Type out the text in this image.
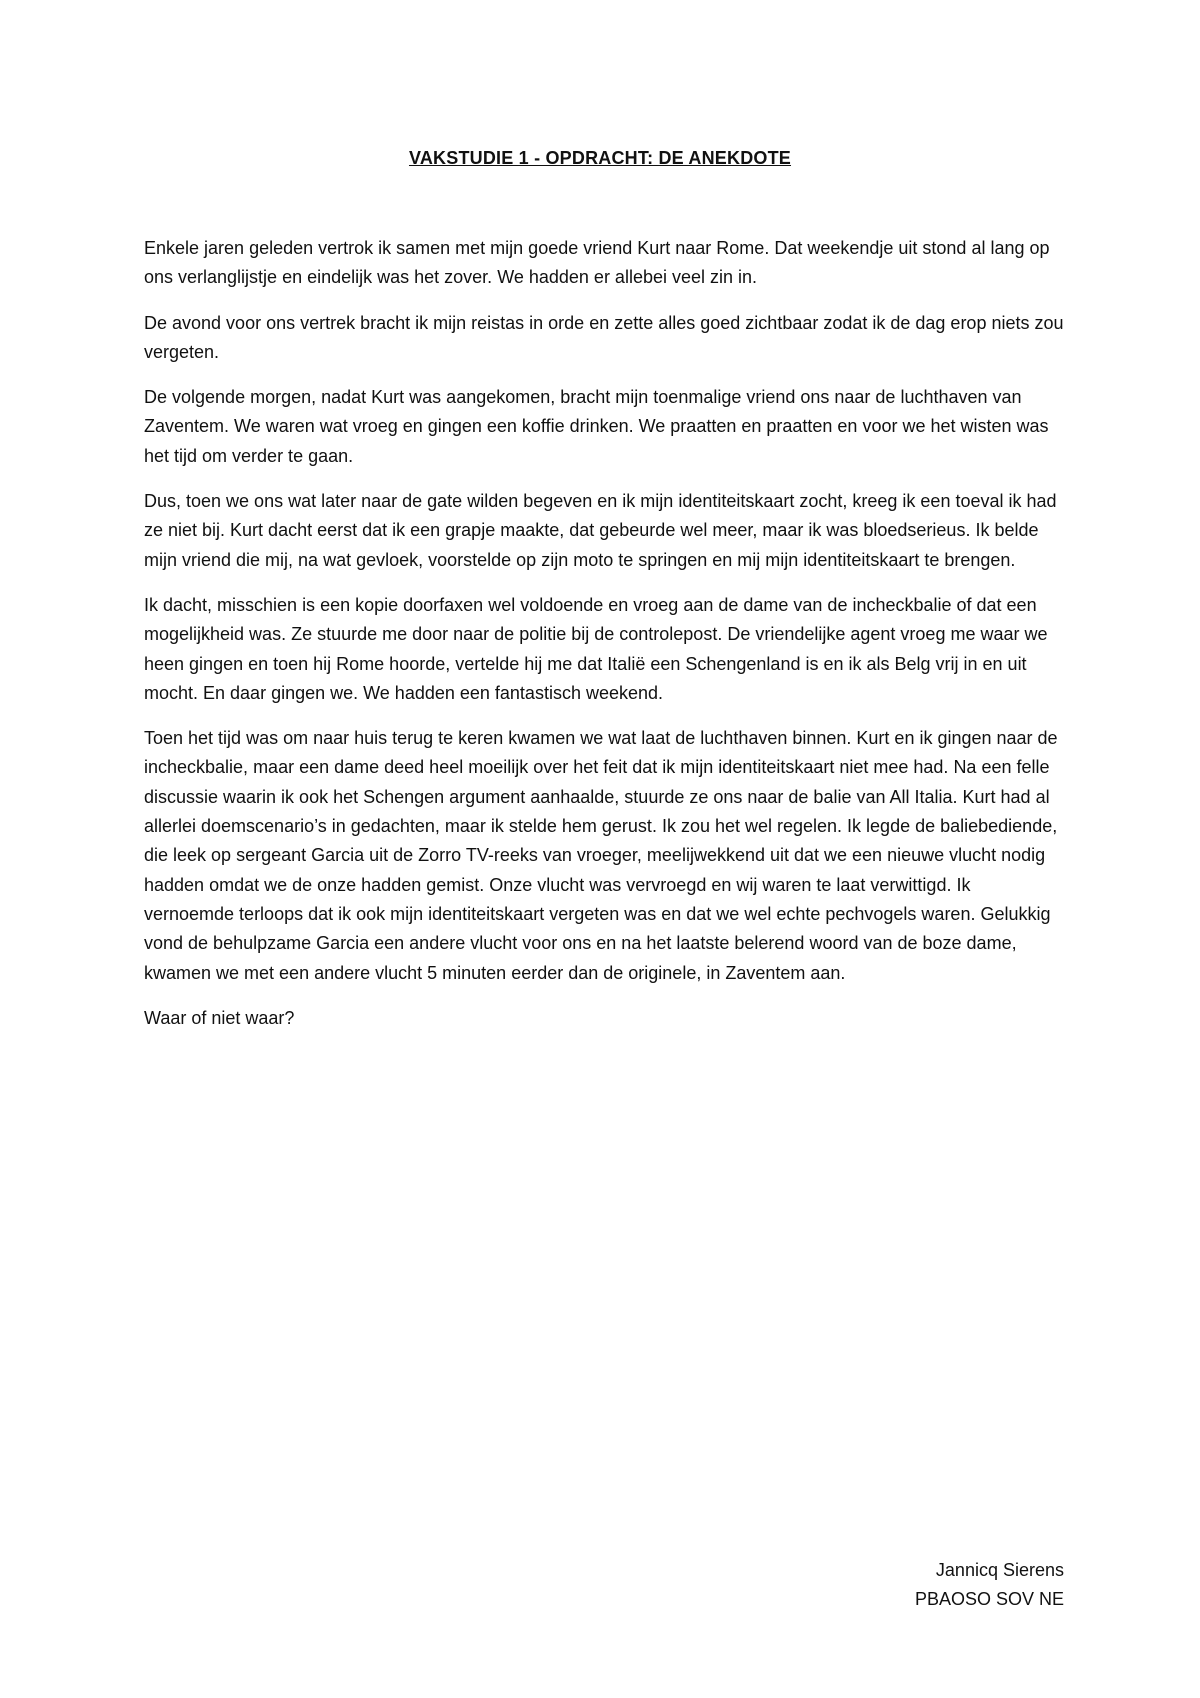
VAKSTUDIE 1 - OPDRACHT: DE ANEKDOTE

Enkele jaren geleden vertrok ik samen met mijn goede vriend Kurt naar Rome. Dat weekendje uit stond al lang op ons verlanglijstje en eindelijk was het zover. We hadden er allebei veel zin in.

De avond voor ons vertrek bracht ik mijn reistas in orde en zette alles goed zichtbaar zodat ik de dag erop niets zou vergeten.

De volgende morgen, nadat Kurt was aangekomen, bracht mijn toenmalige vriend ons naar de luchthaven van Zaventem. We waren wat vroeg en gingen een koffie drinken. We praatten en praatten en voor we het wisten was het tijd om verder te gaan.

Dus, toen we ons wat later naar de gate wilden begeven en ik mijn identiteitskaart zocht, kreeg ik een toeval ik had ze niet bij. Kurt dacht eerst dat ik een grapje maakte, dat gebeurde wel meer, maar ik was bloedserieus. Ik belde mijn vriend die mij, na wat gevloek, voorstelde op zijn moto te springen en mij mijn identiteitskaart te brengen.

Ik dacht, misschien is een kopie doorfaxen wel voldoende en vroeg aan de dame van de incheckbalie of dat een mogelijkheid was. Ze stuurde me door naar de politie bij de controlepost. De vriendelijke agent vroeg me waar we heen gingen en toen hij Rome hoorde, vertelde hij me dat Italië een Schengenland is en ik als Belg vrij in en uit mocht. En daar gingen we. We hadden een fantastisch weekend.

Toen het tijd was om naar huis terug te keren kwamen we wat laat de luchthaven binnen. Kurt en ik gingen naar de incheckbalie, maar een dame deed heel moeilijk over het feit dat ik mijn identiteitskaart niet mee had. Na een felle discussie waarin ik ook het Schengen argument aanhaalde, stuurde ze ons naar de balie van All Italia. Kurt had al allerlei doemscenario’s in gedachten, maar ik stelde hem gerust. Ik zou het wel regelen. Ik legde de baliebediende, die leek op sergeant Garcia uit de Zorro TV-reeks van vroeger, meelijwekkend uit dat we een nieuwe vlucht nodig hadden omdat we de onze hadden gemist. Onze vlucht was vervroegd en wij waren te laat verwittigd. Ik vernoemde terloops dat ik ook mijn identiteitskaart vergeten was en dat we wel echte pechvogels waren. Gelukkig vond de behulpzame Garcia een andere vlucht voor ons en na het laatste belerend woord van de boze dame, kwamen we met een andere vlucht 5 minuten eerder dan de originele, in Zaventem aan.

Waar of niet waar?

Jannicq Sierens
PBAOSO SOV NE
